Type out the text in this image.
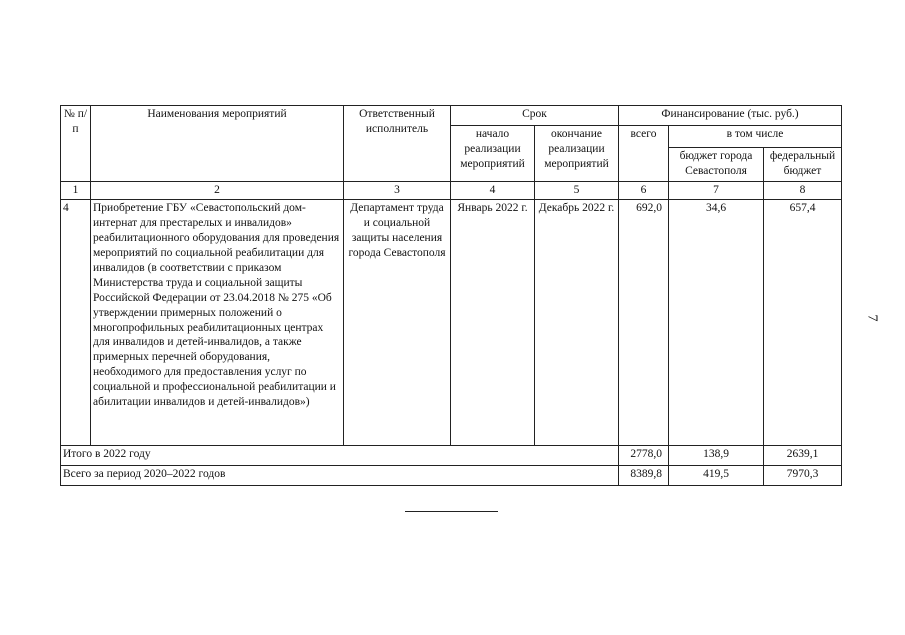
№ п/п	Наименования мероприятий	Ответственный исполнитель	Срок		Финансирование (тыс. руб.)		
			начало реализации мероприятий	окончание реализации мероприятий	всего	в том числе	
						бюджет города Севастополя	федеральный бюджет
1	2	3	4	5	6	7	8
4	Приобретение ГБУ «Севастопольский дом-интернат для престарелых и инвалидов» реабилитационного оборудования для проведения мероприятий по социальной реабилитации для инвалидов (в соответствии с приказом Министерства труда и социальной защиты Российской Федерации от 23.04.2018 № 275 «Об утверждении примерных положений о многопрофильных реабилитационных центрах для инвалидов и детей-инвалидов, а также примерных перечней оборудования, необходимого для предоставления услуг по социальной и профессиональной реабилитации и абилитации инвалидов и детей-инвалидов»)	Департамент труда и социальной защиты населения города Севастополя	Январь 2022 г.	Декабрь 2022 г.	692,0	34,6	657,4
Итого в 2022 году					2778,0	138,9	2639,1
Всего за период 2020–2022 годов					8389,8	419,5	7970,3
7
